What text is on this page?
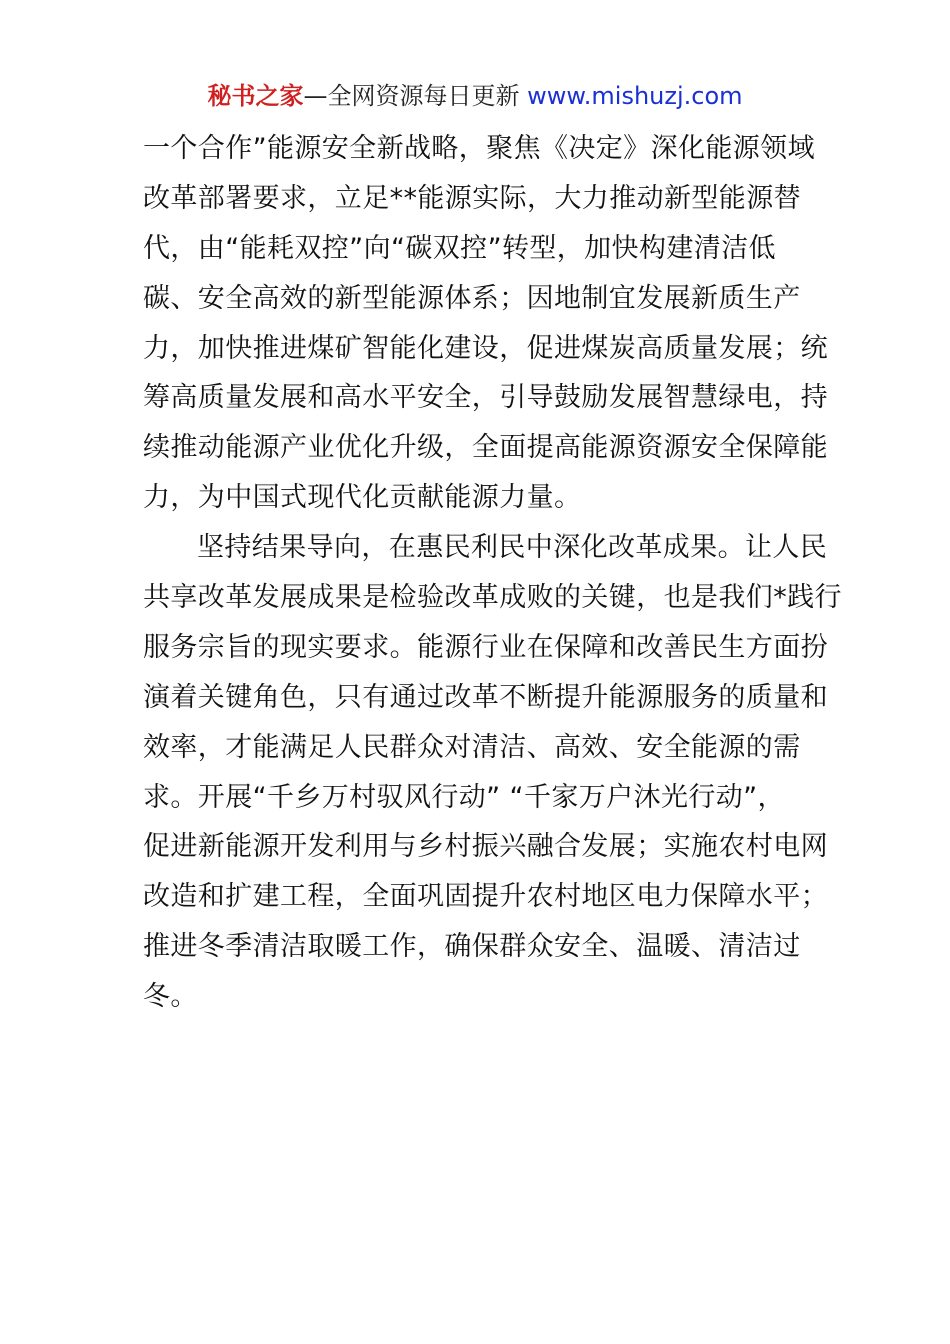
秘书之家—全网资源每日更新 www.mishuzj.com
一个合作”能源安全新战略，聚焦《决定》深化能源领域
改革部署要求，立足**能源实际，大力推动新型能源替
代，由“能耗双控”向“碳双控”转型，加快构建清洁低
碳、安全高效的新型能源体系；因地制宜发展新质生产
力，加快推进煤矿智能化建设，促进煤炭高质量发展；统
筹高质量发展和高水平安全，引导鼓励发展智慧绿电，持
续推动能源产业优化升级，全面提高能源资源安全保障能
力，为中国式现代化贡献能源力量。
坚持结果导向，在惠民利民中深化改革成果。让人民
共享改革发展成果是检验改革成败的关键，也是我们*践行
服务宗旨的现实要求。能源行业在保障和改善民生方面扮
演着关键角色，只有通过改革不断提升能源服务的质量和
效率，才能满足人民群众对清洁、高效、安全能源的需
求。开展“千乡万村驭风行动” “千家万户沐光行动”，
促进新能源开发利用与乡村振兴融合发展；实施农村电网
改造和扩建工程，全面巩固提升农村地区电力保障水平；
推进冬季清洁取暖工作，确保群众安全、温暖、清洁过
冬。
